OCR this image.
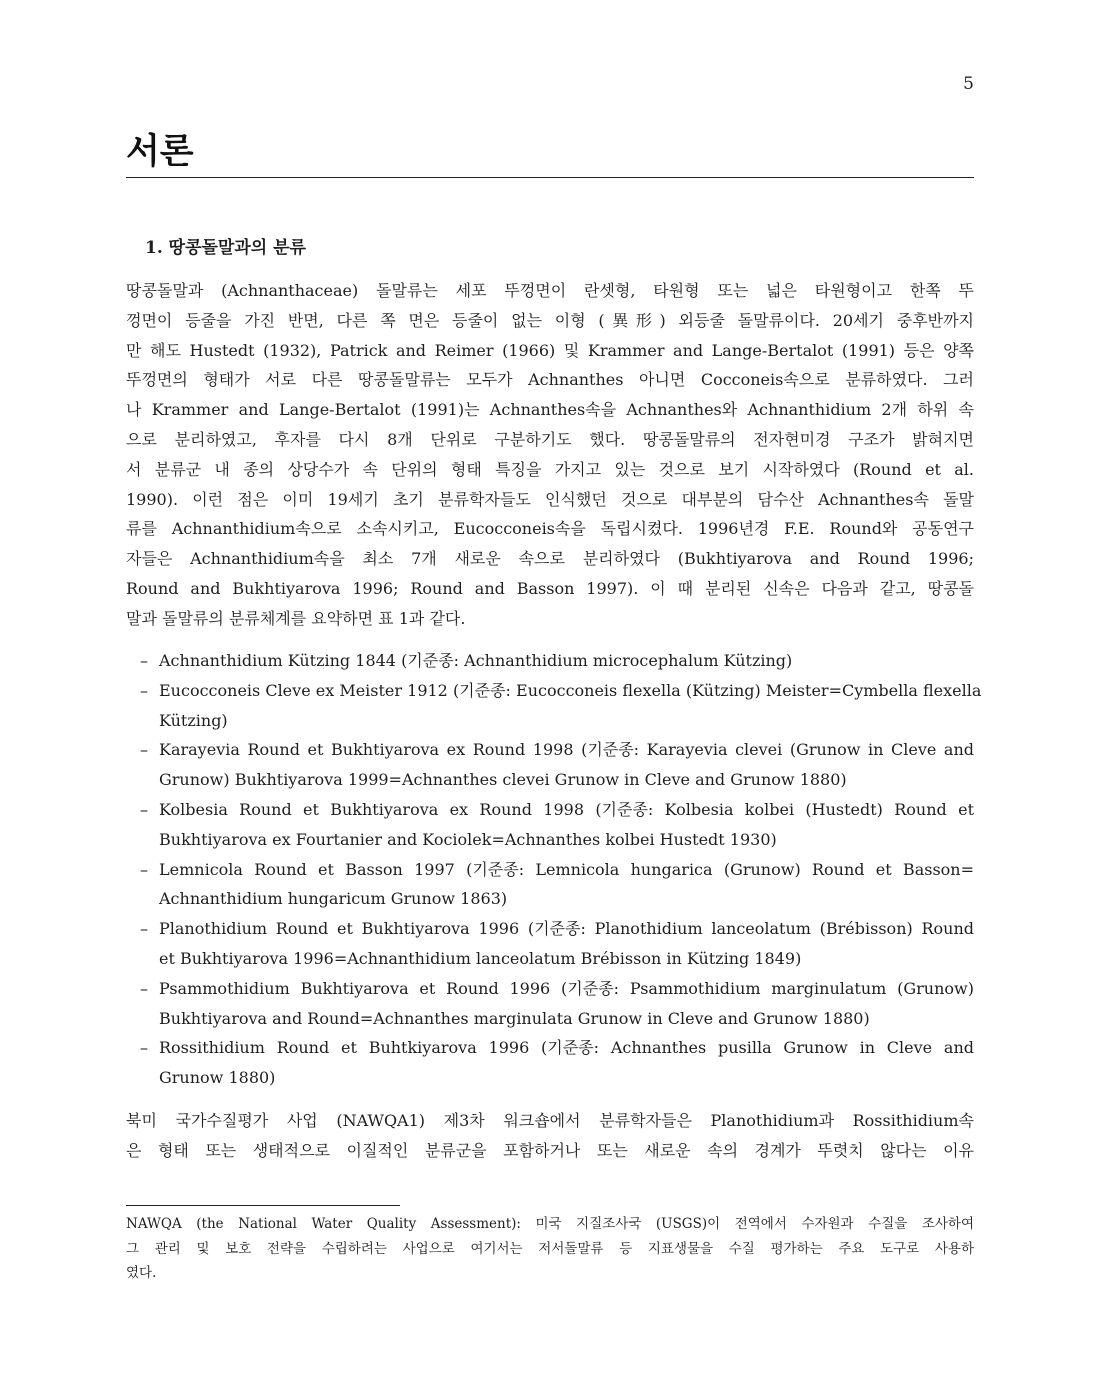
5
서론
1. 땅콩돌말과의 분류
땅콩돌말과 (Achnanthaceae) 돌말류는 세포 뚜껑면이 란셋형, 타원형 또는 넓은 타원형이고 한쪽 뚜
껑면이 등줄을 가진 반면, 다른 쪽 면은 등줄이 없는 이형 (異形) 외등줄 돌말류이다. 20세기 중후반까지
만 해도 Hustedt (1932), Patrick and Reimer (1966) 및 Krammer and Lange-Bertalot (1991) 등은 양쪽
뚜껑면의 형태가 서로 다른 땅콩돌말류는 모두가 Achnanthes 아니면 Cocconeis속으로 분류하였다. 그러
나 Krammer and Lange-Bertalot (1991)는 Achnanthes속을 Achnanthes와 Achnanthidium 2개 하위 속
으로 분리하였고, 후자를 다시 8개 단위로 구분하기도 했다. 땅콩돌말류의 전자현미경 구조가 밝혀지면
서 분류군 내 종의 상당수가 속 단위의 형태 특징을 가지고 있는 것으로 보기 시작하였다 (Round et al.
1990). 이런 점은 이미 19세기 초기 분류학자들도 인식했던 것으로 대부분의 담수산 Achnanthes속 돌말
류를 Achnanthidium속으로 소속시키고, Eucocconeis속을 독립시켰다. 1996년경 F.E. Round와 공동연구
자들은 Achnanthidium속을 최소 7개 새로운 속으로 분리하였다 (Bukhtiyarova and Round 1996;
Round and Bukhtiyarova 1996; Round and Basson 1997). 이 때 분리된 신속은 다음과 같고, 땅콩돌
말과 돌말류의 분류체계를 요약하면 표 1과 같다.
– Achnanthidium Kützing 1844 (기준종: Achnanthidium microcephalum Kützing)
– Eucocconeis Cleve ex Meister 1912 (기준종: Eucocconeis flexella (Kützing) Meister=Cymbella flexella
Kützing)
– Karayevia Round et Bukhtiyarova ex Round 1998 (기준종: Karayevia clevei (Grunow in Cleve and
Grunow) Bukhtiyarova 1999=Achnanthes clevei Grunow in Cleve and Grunow 1880)
– Kolbesia Round et Bukhtiyarova ex Round 1998 (기준종: Kolbesia kolbei (Hustedt) Round et
Bukhtiyarova ex Fourtanier and Kociolek=Achnanthes kolbei Hustedt 1930)
– Lemnicola Round et Basson 1997 (기준종: Lemnicola hungarica (Grunow) Round et Basson=
Achnanthidium hungaricum Grunow 1863)
– Planothidium Round et Bukhtiyarova 1996 (기준종: Planothidium lanceolatum (Brébisson) Round
et Bukhtiyarova 1996=Achnanthidium lanceolatum Brébisson in Kützing 1849)
– Psammothidium Bukhtiyarova et Round 1996 (기준종: Psammothidium marginulatum (Grunow)
Bukhtiyarova and Round=Achnanthes marginulata Grunow in Cleve and Grunow 1880)
– Rossithidium Round et Buhtkiyarova 1996 (기준종: Achnanthes pusilla Grunow in Cleve and
Grunow 1880)
북미 국가수질평가 사업 (NAWQA1) 제3차 워크숍에서 분류학자들은 Planothidium과 Rossithidium속
은 형태 또는 생태적으로 이질적인 분류군을 포함하거나 또는 새로운 속의 경계가 뚜렷치 않다는 이유
NAWQA (the National Water Quality Assessment): 미국 지질조사국 (USGS)이 전역에서 수자원과 수질을 조사하여
그 관리 및 보호 전략을 수립하려는 사업으로 여기서는 저서돌말류 등 지표생물을 수질 평가하는 주요 도구로 사용하
였다.
